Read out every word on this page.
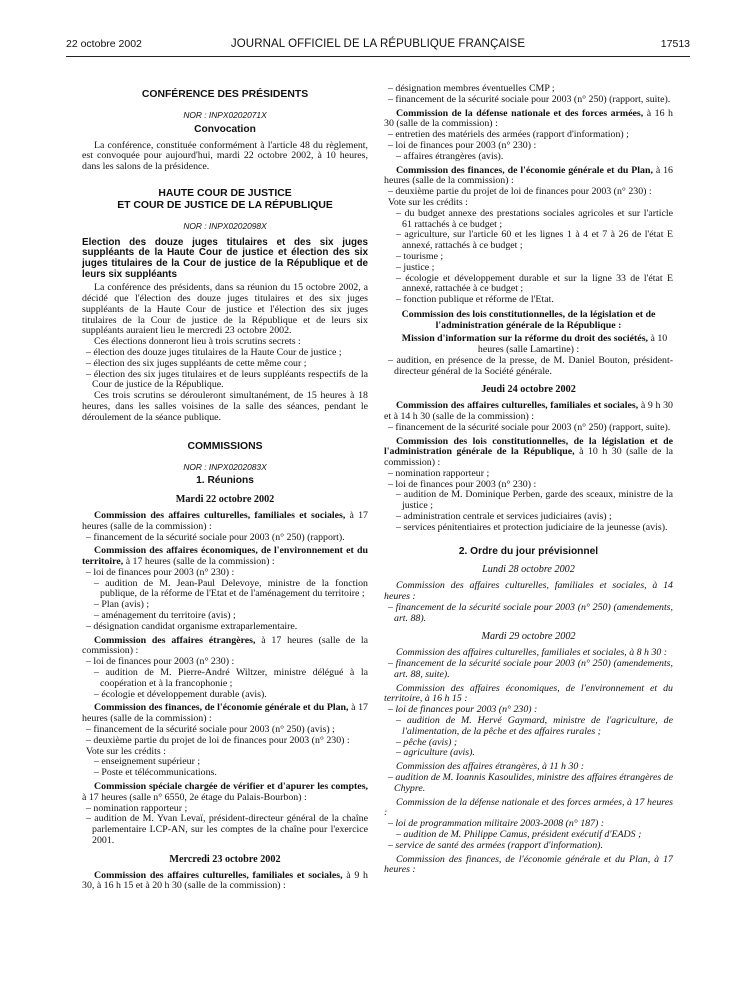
22 octobre 2002	JOURNAL OFFICIEL DE LA RÉPUBLIQUE FRANÇAISE	17513
CONFÉRENCE DES PRÉSIDENTS
NOR : INPX0202071X
Convocation

La conférence, constituée conformément à l'article 48 du règlement, est convoquée pour aujourd'hui, mardi 22 octobre 2002, à 10 heures, dans les salons de la présidence.

HAUTE COUR DE JUSTICE
ET COUR DE JUSTICE DE LA RÉPUBLIQUE
NOR : INPX0202098X
Election des douze juges titulaires et des six juges suppléants de la Haute Cour de justice et élection des six juges titulaires de la Cour de justice de la République et de leurs six suppléants

La conférence des présidents, dans sa réunion du 15 octobre 2002, a décidé que l'élection des douze juges titulaires et des six juges suppléants de la Haute Cour de justice et l'élection des six juges titulaires de la Cour de justice de la République et de leurs six suppléants auraient lieu le mercredi 23 octobre 2002.

Ces élections donneront lieu à trois scrutins secrets :

– élection des douze juges titulaires de la Haute Cour de justice ;

– élection des six juges suppléants de cette même cour ;

– élection des six juges titulaires et de leurs suppléants respectifs de la Cour de justice de la République.

Ces trois scrutins se dérouleront simultanément, de 15 heures à 18 heures, dans les salles voisines de la salle des séances, pendant le déroulement de la séance publique.

COMMISSIONS
NOR : INPX0202083X
1. Réunions
Mardi 22 octobre 2002

Commission des affaires culturelles, familiales et sociales, à 17 heures (salle de la commission) :

– financement de la sécurité sociale pour 2003 (n° 250) (rapport).

Commission des affaires économiques, de l'environnement et du territoire, à 17 heures (salle de la commission) :

– loi de finances pour 2003 (n° 230) :

– audition de M. Jean-Paul Delevoye, ministre de la fonction publique, de la réforme de l'Etat et de l'aménagement du territoire ;

– Plan (avis) ;

– aménagement du territoire (avis) ;

– désignation candidat organisme extraparlementaire.

Commission des affaires étrangères, à 17 heures (salle de la commission) :

– loi de finances pour 2003 (n° 230) :

– audition de M. Pierre-André Wiltzer, ministre délégué à la coopération et à la francophonie ;

– écologie et développement durable (avis).

Commission des finances, de l'économie générale et du Plan, à 17 heures (salle de la commission) :

– financement de la sécurité sociale pour 2003 (n° 250) (avis) ;

– deuxième partie du projet de loi de finances pour 2003 (n° 230) :

Vote sur les crédits :

– enseignement supérieur ;

– Poste et télécommunications.

Commission spéciale chargée de vérifier et d'apurer les comptes, à 17 heures (salle n° 6550, 2e étage du Palais-Bourbon) :

– nomination rapporteur ;

– audition de M. Yvan Levaï, président-directeur général de la chaîne parlementaire LCP-AN, sur les comptes de la chaîne pour l'exercice 2001.

Mercredi 23 octobre 2002

Commission des affaires culturelles, familiales et sociales, à 9 h 30, à 16 h 15 et à 20 h 30 (salle de la commission) :

– désignation membres éventuelles CMP ;

– financement de la sécurité sociale pour 2003 (n° 250) (rapport, suite).

Commission de la défense nationale et des forces armées, à 16 h 30 (salle de la commission) :

– entretien des matériels des armées (rapport d'information) ;

– loi de finances pour 2003 (n° 230) :

– affaires étrangères (avis).

Commission des finances, de l'économie générale et du Plan, à 16 heures (salle de la commission) :

– deuxième partie du projet de loi de finances pour 2003 (n° 230) :

Vote sur les crédits :

– du budget annexe des prestations sociales agricoles et sur l'article 61 rattachés à ce budget ;

– agriculture, sur l'article 60 et les lignes 1 à 4 et 7 à 26 de l'état E annexé, rattachés à ce budget ;

– tourisme ;

– justice ;

– écologie et développement durable et sur la ligne 33 de l'état E annexé, rattachée à ce budget ;

– fonction publique et réforme de l'Etat.

Commission des lois constitutionnelles, de la législation et de l'administration générale de la République :

Mission d'information sur la réforme du droit des sociétés, à 10 heures (salle Lamartine) :

– audition, en présence de la presse, de M. Daniel Bouton, président-directeur général de la Société générale.

Jeudi 24 octobre 2002

Commission des affaires culturelles, familiales et sociales, à 9 h 30 et à 14 h 30 (salle de la commission) :

– financement de la sécurité sociale pour 2003 (n° 250) (rapport, suite).

Commission des lois constitutionnelles, de la législation et de l'administration générale de la République, à 10 h 30 (salle de la commission) :

– nomination rapporteur ;

– loi de finances pour 2003 (n° 230) :

– audition de M. Dominique Perben, garde des sceaux, ministre de la justice ;

– administration centrale et services judiciaires (avis) ;

– services pénitentiaires et protection judiciaire de la jeunesse (avis).

2. Ordre du jour prévisionnel
Lundi 28 octobre 2002

Commission des affaires culturelles, familiales et sociales, à 14 heures :

– financement de la sécurité sociale pour 2003 (n° 250) (amendements, art. 88).

Mardi 29 octobre 2002

Commission des affaires culturelles, familiales et sociales, à 8 h 30 :

– financement de la sécurité sociale pour 2003 (n° 250) (amendements, art. 88, suite).

Commission des affaires économiques, de l'environnement et du territoire, à 16 h 15 :

– loi de finances pour 2003 (n° 230) :

– audition de M. Hervé Gaymard, ministre de l'agriculture, de l'alimentation, de la pêche et des affaires rurales ;

– pêche (avis) ;

– agriculture (avis).

Commission des affaires étrangères, à 11 h 30 :

– audition de M. Ioannis Kasoulides, ministre des affaires étrangères de Chypre.

Commission de la défense nationale et des forces armées, à 17 heures :

– loi de programmation militaire 2003-2008 (n° 187) :

– audition de M. Philippe Camus, président exécutif d'EADS ;

– service de santé des armées (rapport d'information).

Commission des finances, de l'économie générale et du Plan, à 17 heures :
